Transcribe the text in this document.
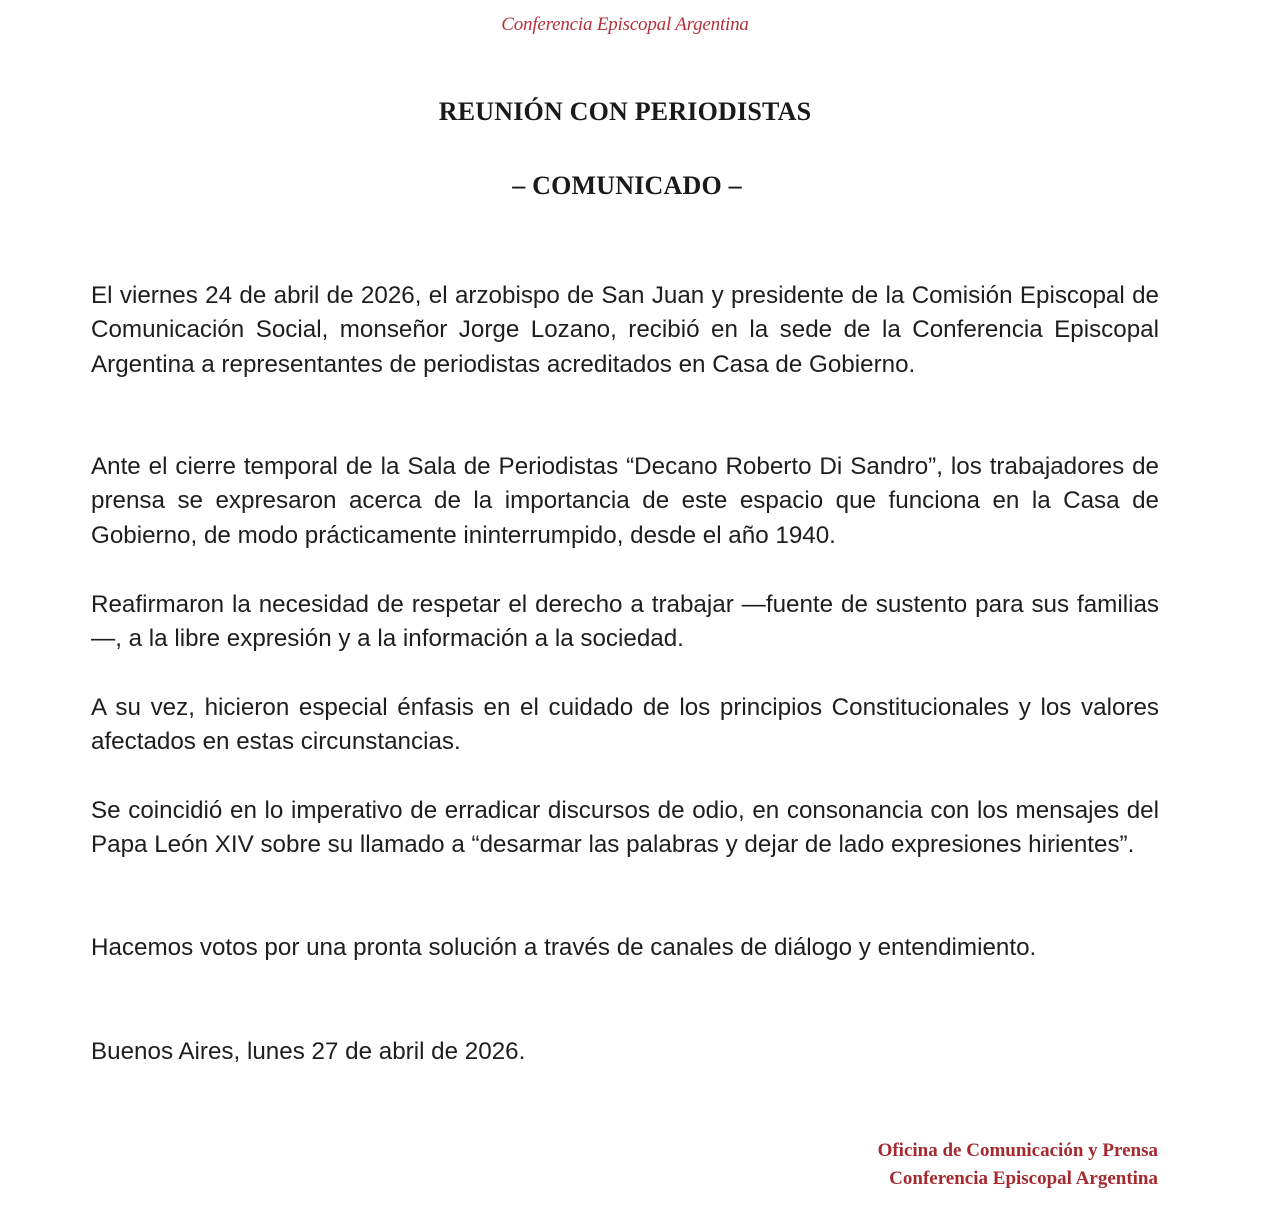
Conferencia Episcopal Argentina
REUNIÓN CON PERIODISTAS
– COMUNICADO –

El viernes 24 de abril de 2026, el arzobispo de San Juan y presidente de la Comisión Episcopal de Comunicación Social, monseñor Jorge Lozano, recibió en la sede de la Conferencia Episcopal Argentina a representantes de periodistas acreditados en Casa de Gobierno.

Ante el cierre temporal de la Sala de Periodistas “Decano Roberto Di Sandro”, los trabajadores de prensa se expresaron acerca de la importancia de este espacio que funciona en la Casa de Gobierno, de modo prácticamente ininterrumpido, desde el año 1940.

Reafirmaron la necesidad de respetar el derecho a trabajar —fuente de sustento para sus familias—, a la libre expresión y a la información a la sociedad.

A su vez, hicieron especial énfasis en el cuidado de los principios Constitucionales y los valores afectados en estas circunstancias.

Se coincidió en lo imperativo de erradicar discursos de odio, en consonancia con los mensajes del Papa León XIV sobre su llamado a “desarmar las palabras y dejar de lado expresiones hirientes”.

Hacemos votos por una pronta solución a través de canales de diálogo y entendimiento.

Buenos Aires, lunes 27 de abril de 2026.

Oficina de Comunicación y Prensa
Conferencia Episcopal Argentina
